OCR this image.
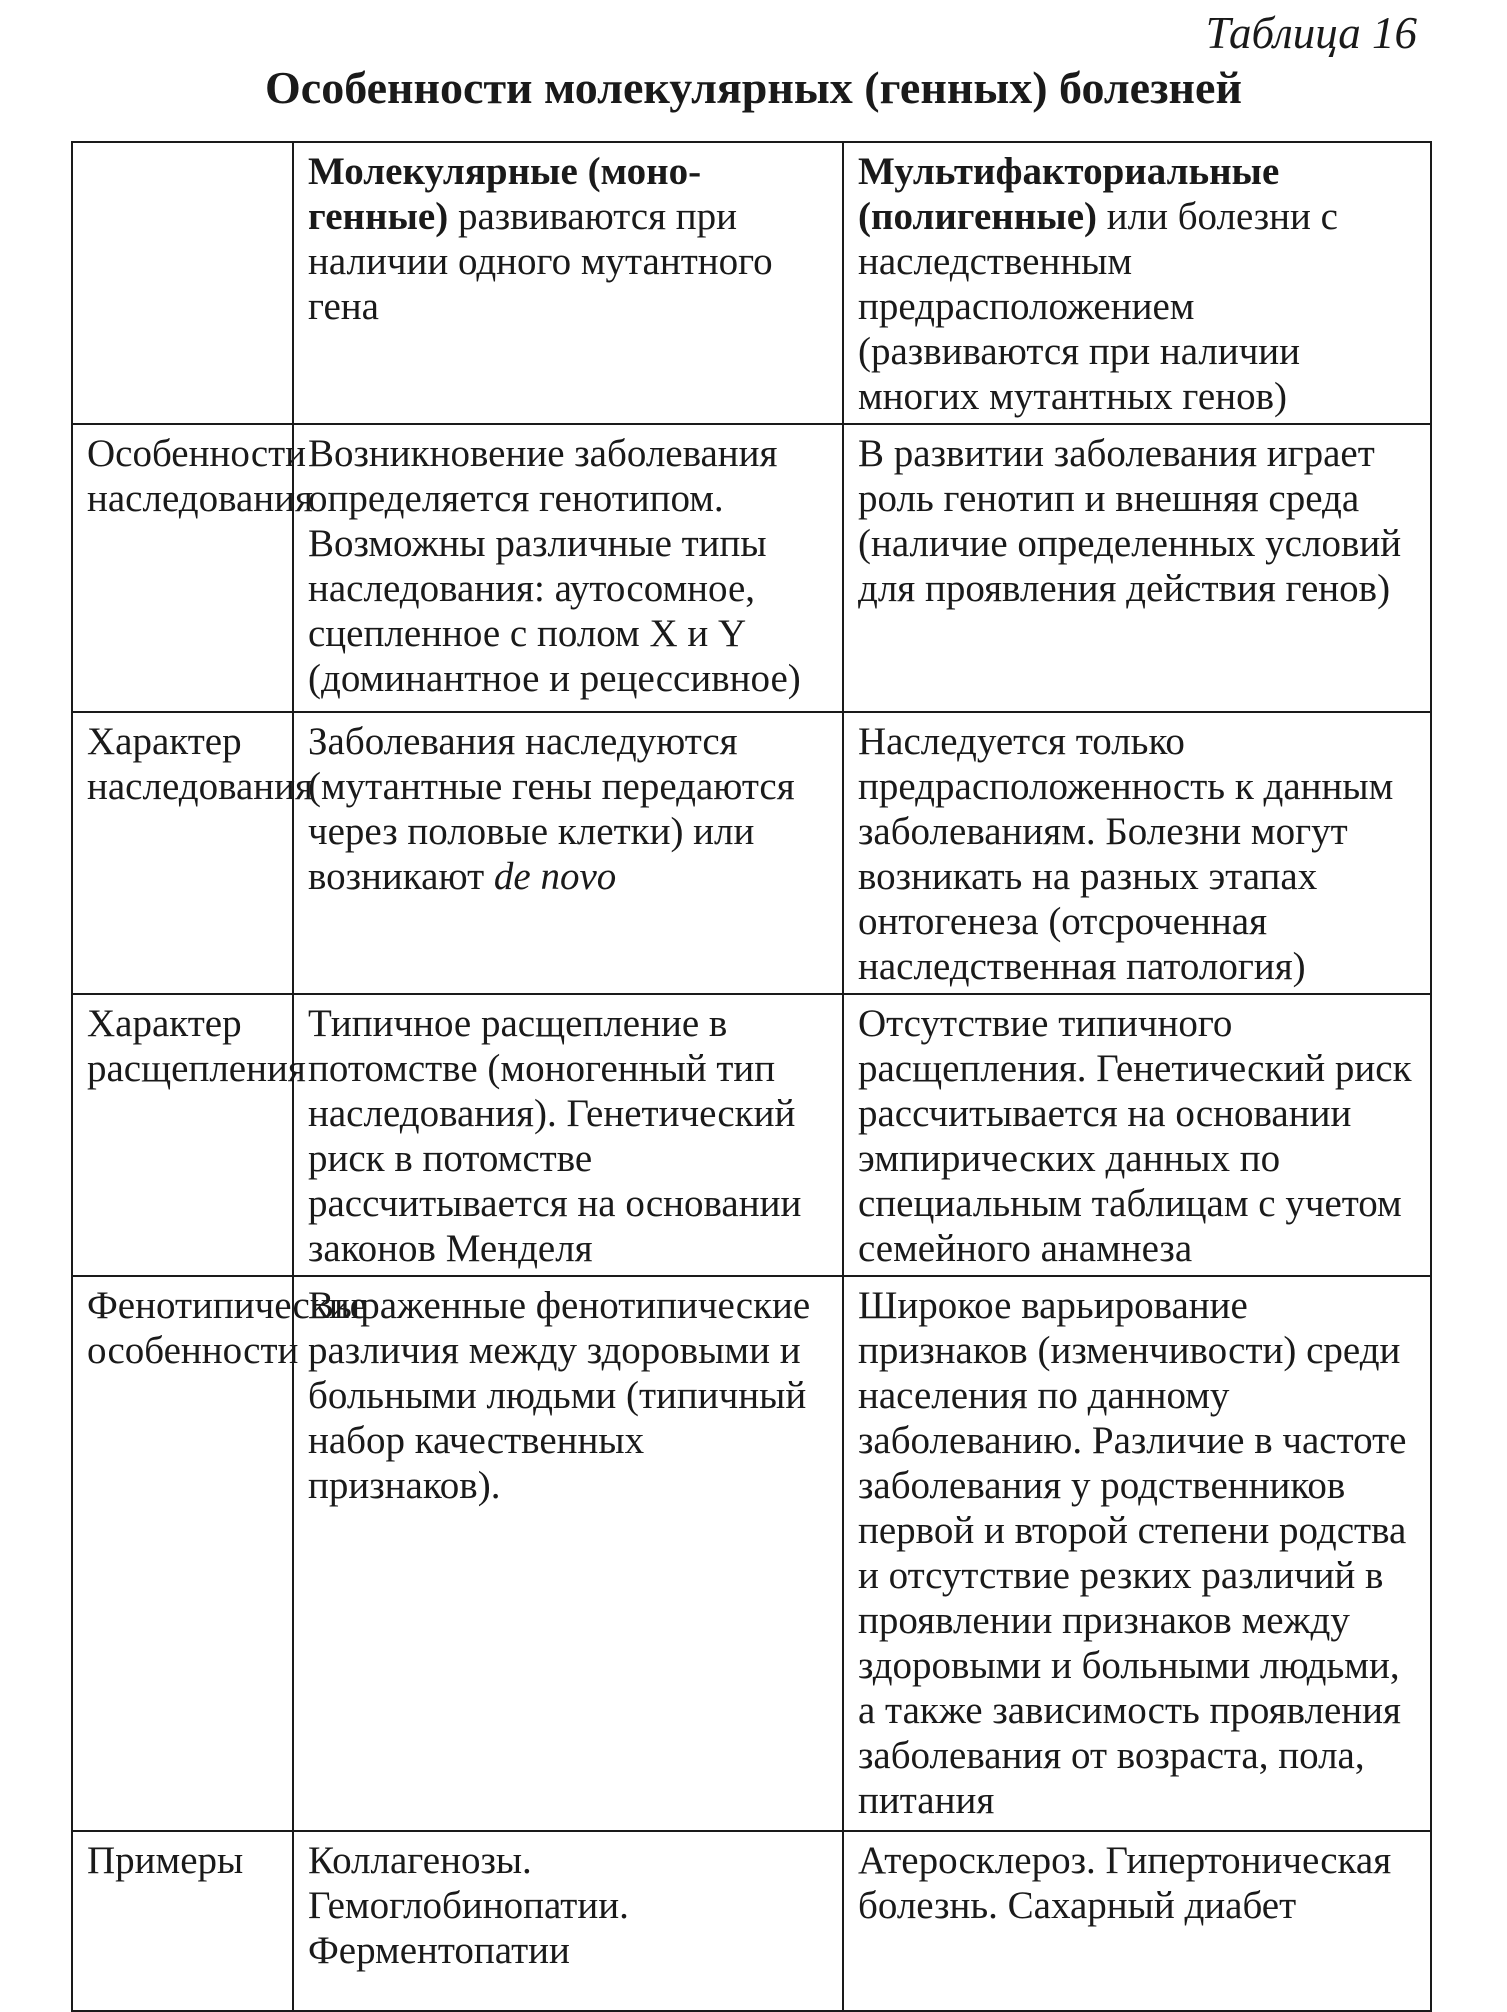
Таблица 16
Особенности молекулярных (генных) болезней
	Молекулярные (моно-генные) развиваются при наличии одного мутантного гена	Мультифакториальные (полигенные) или болезни с наследственным предрасположением (развиваются при наличии многих мутантных генов)
Особенности наследования	Возникновение заболевания определяется генотипом. Возможны различные типы наследования: аутосомное, сцепленное с полом X и Y (доминантное и рецессивное)	В развитии заболевания играет роль генотип и внешняя среда (наличие определенных условий для проявления действия генов)
Характер наследования	Заболевания наследуются (мутантные гены передаются через половые клетки) или возникают de novo	Наследуется только предрасположенность к данным заболеваниям. Болезни могут возникать на разных этапах онтогенеза (отсроченная наследственная патология)
Характер расщепления	Типичное расщепление в потомстве (моногенный тип наследования). Генетический риск в потомстве рассчитывается на основании законов Менделя	Отсутствие типичного расщепления. Генетический риск рассчитывается на основании эмпирических данных по специальным таблицам с учетом семейного анамнеза
Фенотипические особенности	Выраженные фенотипические различия между здоровыми и больными людьми (типичный набор качественных признаков).	Широкое варьирование признаков (изменчивости) среди населения по данному заболеванию. Различие в частоте заболевания у родственников первой и второй степени родства и отсутствие резких различий в проявлении признаков между здоровыми и больными людьми, а также зависимость проявления заболевания от возраста, пола, питания
Примеры	Коллагенозы. Гемоглобинопатии. Ферментопатии	Атеросклероз. Гипертоническая болезнь. Сахарный диабет
